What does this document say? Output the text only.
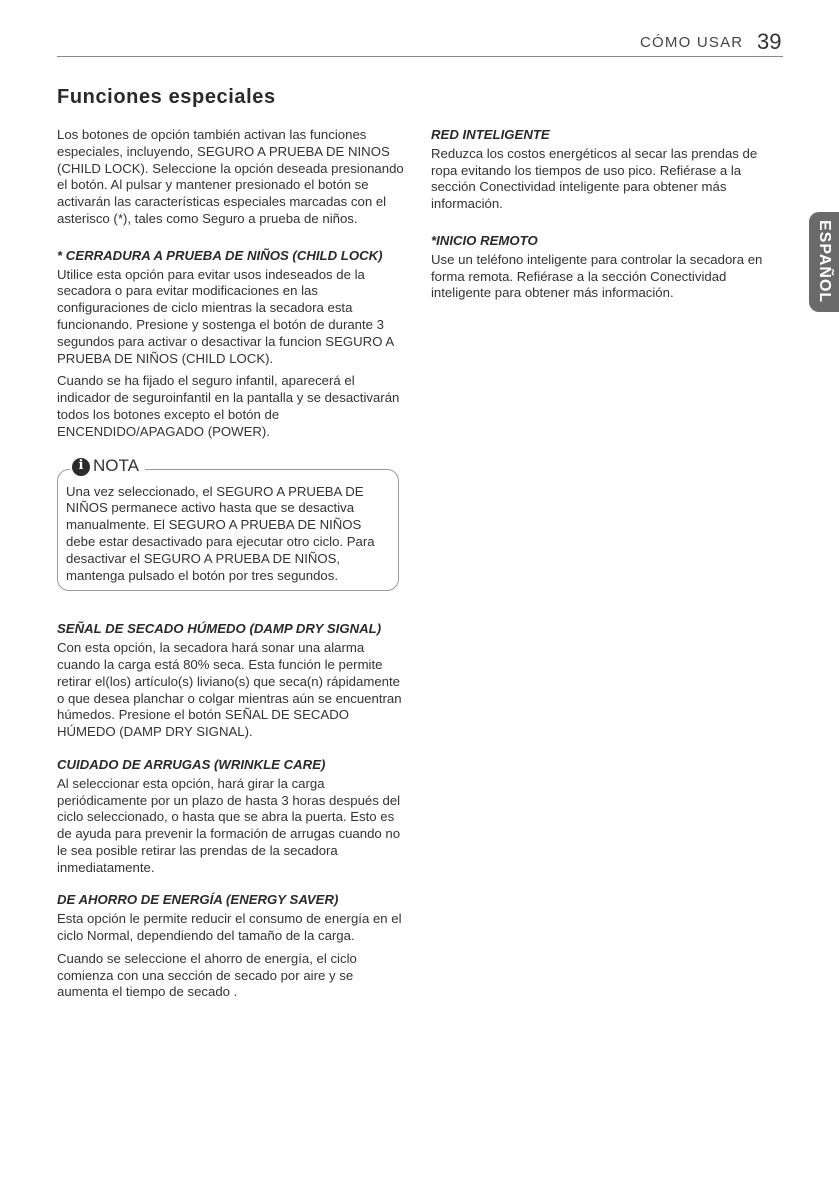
CÓMO USAR 39
Funciones especiales

Los botones de opción también activan las funciones especiales, incluyendo, SEGURO A PRUEBA DE NINOS (CHILD LOCK). Seleccione la opción deseada presionando el botón. Al pulsar y mantener presionado el botón se activarán las características especiales marcadas con el asterisco (*), tales como Seguro a prueba de niños.

* CERRADURA A PRUEBA DE NIÑOS (CHILD LOCK)

Utilice esta opción para evitar usos indeseados de la secadora o para evitar modificaciones en las configuraciones de ciclo mientras la secadora esta funcionando. Presione y sostenga el botón de durante 3 segundos para activar o desactivar la funcion SEGURO A PRUEBA DE NIÑOS (CHILD LOCK).

Cuando se ha fijado el seguro infantil, aparecerá el indicador de seguroinfantil en la pantalla y se desactivarán todos los botones excepto el botón de ENCENDIDO/APAGADO (POWER).

i NOTA
Una vez seleccionado, el SEGURO A PRUEBA DE NIÑOS permanece activo hasta que se desactiva manualmente. El SEGURO A PRUEBA DE NIÑOS debe estar desactivado para ejecutar otro ciclo. Para desactivar el SEGURO A PRUEBA DE NIÑOS, mantenga pulsado el botón por tres segundos.

SEÑAL DE SECADO HÚMEDO (DAMP DRY SIGNAL)

Con esta opción, la secadora hará sonar una alarma cuando la carga está 80% seca. Esta función le permite retirar el(los) artículo(s) liviano(s) que seca(n) rápidamente o que desea planchar o colgar mientras aún se encuentran húmedos. Presione el botón SEÑAL DE SECADO HÚMEDO (DAMP DRY SIGNAL).

CUIDADO DE ARRUGAS (WRINKLE CARE)

Al seleccionar esta opción, hará girar la carga periódicamente por un plazo de hasta 3 horas después del ciclo seleccionado, o hasta que se abra la puerta. Esto es de ayuda para prevenir la formación de arrugas cuando no le sea posible retirar las prendas de la secadora inmediatamente.

DE AHORRO DE ENERGÍA (ENERGY SAVER)

Esta opción le permite reducir el consumo de energía en el ciclo Normal, dependiendo del tamaño de la carga.

Cuando se seleccione el ahorro de energía, el ciclo comienza con una sección de secado por aire y se aumenta el tiempo de secado .

RED INTELIGENTE

Reduzca los costos energéticos al secar las prendas de ropa evitando los tiempos de uso pico. Refiérase a la sección Conectividad inteligente para obtener más información.

*INICIO REMOTO

Use un teléfono inteligente para controlar la secadora en forma remota. Refiérase a la sección Conectividad inteligente para obtener más información.	ESPAÑOL
